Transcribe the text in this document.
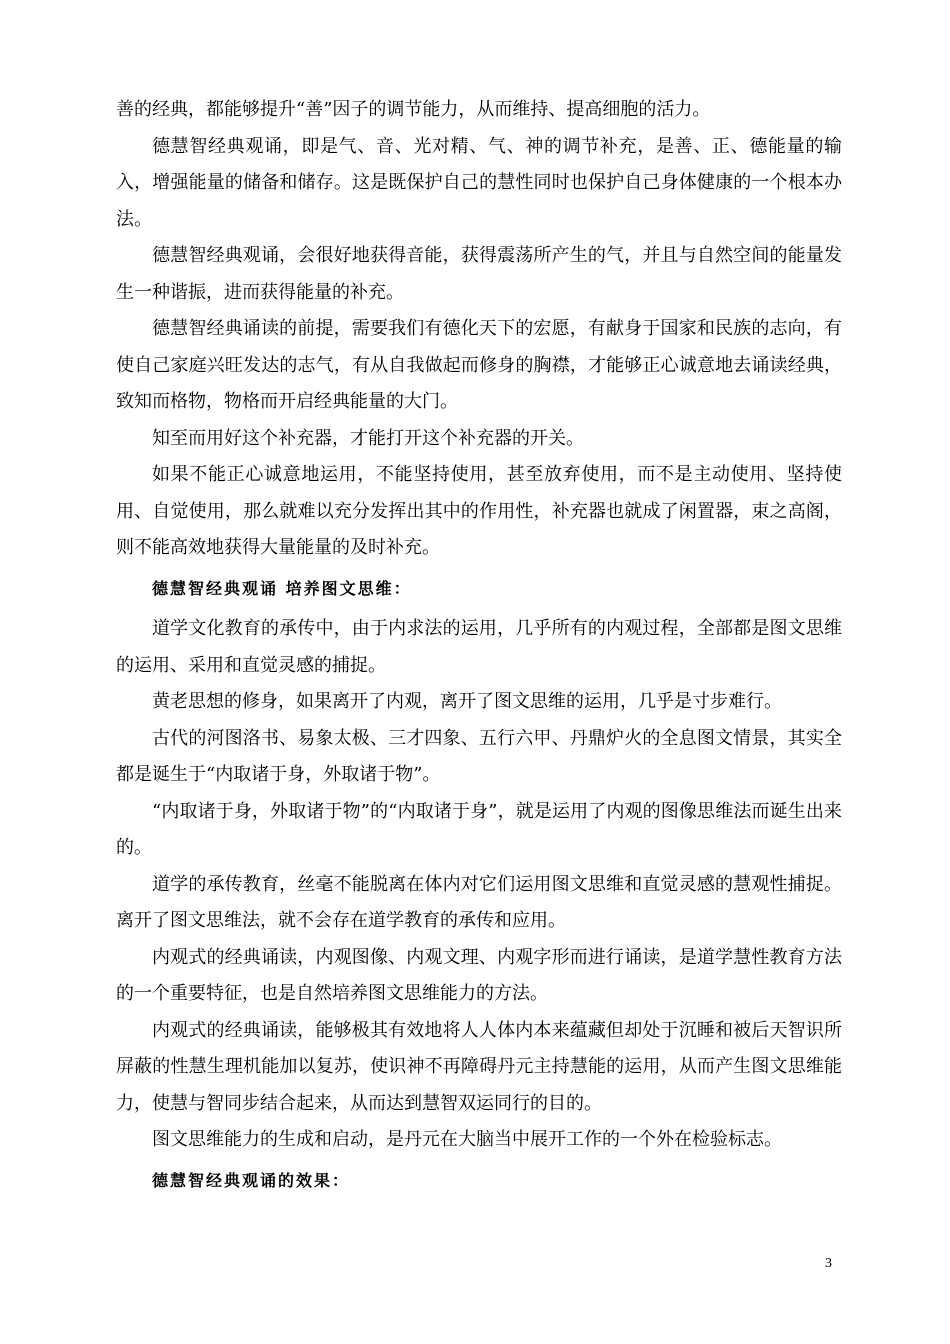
善的经典，都能够提升“善”因子的调节能力，从而维持、提高细胞的活力。

德慧智经典观诵，即是气、音、光对精、气、神的调节补充，是善、正、德能量的输入，增强能量的储备和储存。这是既保护自己的慧性同时也保护自己身体健康的一个根本办法。

德慧智经典观诵，会很好地获得音能，获得震荡所产生的气，并且与自然空间的能量发生一种谐振，进而获得能量的补充。

德慧智经典诵读的前提，需要我们有德化天下的宏愿，有献身于国家和民族的志向，有使自己家庭兴旺发达的志气，有从自我做起而修身的胸襟，才能够正心诚意地去诵读经典，致知而格物，物格而开启经典能量的大门。

知至而用好这个补充器，才能打开这个补充器的开关。

如果不能正心诚意地运用，不能坚持使用，甚至放弃使用，而不是主动使用、坚持使用、自觉使用，那么就难以充分发挥出其中的作用性，补充器也就成了闲置器，束之高阁，则不能高效地获得大量能量的及时补充。

德慧智经典观诵 培养图文思维：

道学文化教育的承传中，由于内求法的运用，几乎所有的内观过程，全部都是图文思维的运用、采用和直觉灵感的捕捉。

黄老思想的修身，如果离开了内观，离开了图文思维的运用，几乎是寸步难行。

古代的河图洛书、易象太极、三才四象、五行六甲、丹鼎炉火的全息图文情景，其实全都是诞生于“内取诸于身，外取诸于物”。

“内取诸于身，外取诸于物”的“内取诸于身”，就是运用了内观的图像思维法而诞生出来的。

道学的承传教育，丝毫不能脱离在体内对它们运用图文思维和直觉灵感的慧观性捕捉。离开了图文思维法，就不会存在道学教育的承传和应用。

内观式的经典诵读，内观图像、内观文理、内观字形而进行诵读，是道学慧性教育方法的一个重要特征，也是自然培养图文思维能力的方法。

内观式的经典诵读，能够极其有效地将人人体内本来蕴藏但却处于沉睡和被后天智识所屏蔽的性慧生理机能加以复苏，使识神不再障碍丹元主持慧能的运用，从而产生图文思维能力，使慧与智同步结合起来，从而达到慧智双运同行的目的。

图文思维能力的生成和启动，是丹元在大脑当中展开工作的一个外在检验标志。

德慧智经典观诵的效果：

3
